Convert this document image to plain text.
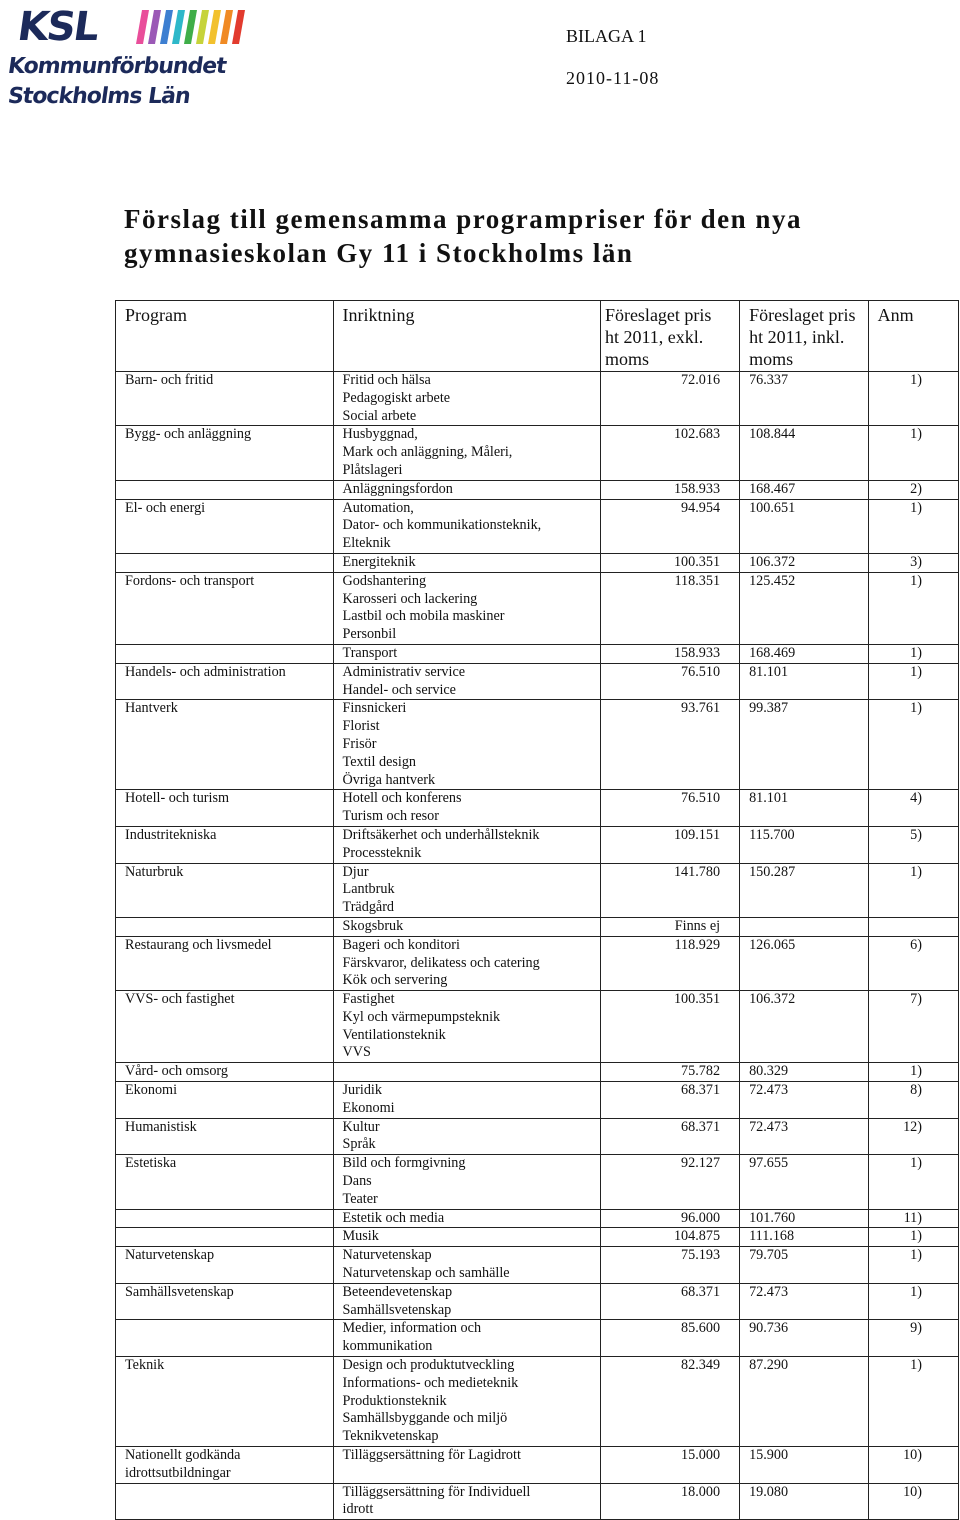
KSL
Kommunförbundet
Stockholms Län
BILAGA 1
2010-11-08
Förslag till gemensamma programpriser för den nya gymnasieskolan Gy 11 i Stockholms län
Program	Inriktning	Föreslaget pris ht 2011, exkl. moms	Föreslaget pris ht 2011, inkl. moms	Anm
Barn- och fritid	Fritid och hälsa
Pedagogiskt arbete
Social arbete	72.016	76.337	1)
Bygg- och anläggning	Husbyggnad,
Mark och anläggning, Måleri,
Plåtslageri	102.683	108.844	1)

	Anläggningsfordon	158.933	168.467	2)
El- och energi	Automation,
Dator- och kommunikationsteknik,
Elteknik	94.954	100.651	1)

	Energiteknik	100.351	106.372	3)
Fordons- och transport	Godshantering
Karosseri och lackering
Lastbil och mobila maskiner
Personbil	118.351	125.452	1)

	Transport	158.933	168.469	1)
Handels- och administration	Administrativ service
Handel- och service	76.510	81.101	1)
Hantverk	Finsnickeri
Florist
Frisör
Textil design
Övriga hantverk	93.761	99.387	1)
Hotell- och turism	Hotell och konferens
Turism och resor	76.510	81.101	4)
Industritekniska	Driftsäkerhet och underhållsteknik
Processteknik	109.151	115.700	5)
Naturbruk	Djur
Lantbruk
Trädgård	141.780	150.287	1)

	Skogsbruk	Finns ej		
Restaurang och livsmedel	Bageri och konditori
Färskvaror, delikatess och catering
Kök och servering	118.929	126.065	6)
VVS- och fastighet	Fastighet
Kyl och värmepumpsteknik
Ventilationsteknik
VVS	100.351	106.372	7)
Vård- och omsorg		75.782	80.329	1)
Ekonomi	Juridik
Ekonomi	68.371	72.473	8)
Humanistisk	Kultur
Språk	68.371	72.473	12)
Estetiska	Bild och formgivning
Dans
Teater	92.127	97.655	1)

	Estetik och media	96.000	101.760	11)

	Musik	104.875	111.168	1)
Naturvetenskap	Naturvetenskap
Naturvetenskap och samhälle	75.193	79.705	1)
Samhällsvetenskap	Beteendevetenskap
Samhällsvetenskap	68.371	72.473	1)

	Medier, information och
kommunikation	85.600	90.736	9)
Teknik	Design och produktutveckling
Informations- och medieteknik
Produktionsteknik
Samhällsbyggande och miljö
Teknikvetenskap	82.349	87.290	1)

Nationellt godkända
idrottsutbildningar	Tilläggsersättning för Lagidrott	15.000	15.900	10)

	Tilläggsersättning för Individuell
idrott	18.000	19.080	10)
